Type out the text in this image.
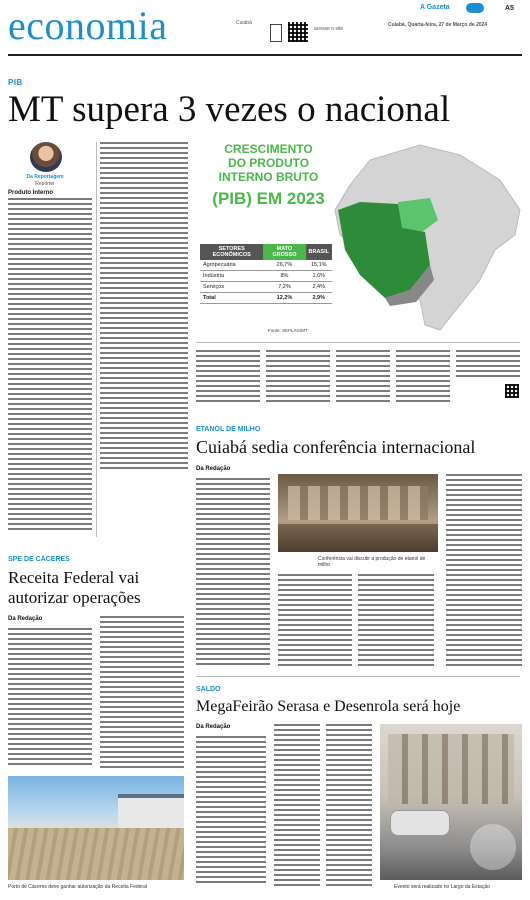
economia	Cuiabá
acesse o site
A Gazeta	A5
Cuiabá, Quarta-feira, 27 de Março de 2024
PIB
MT supera 3 vezes o nacional
Da Reportagem
Repórter
Produto Interno
CRESCIMENTO
DO PRODUTO
INTERNO BRUTO
(PIB) EM 2023
SETORES ECONÔMICOS	MATO GROSSO	BRASIL
Agropecuária	26,7%	15,1%
Indústria	8%	1,6%
Serviços	7,2%	2,4%
Total	12,2%	2,9%
Fonte: SEPLAG/MT
ETANOL DE MILHO
Cuiabá sedia conferência internacional
Da Redação
Conferência vai discutir a produção de etanol de milho
SPE DE CÁCERES
Receita Federal vai
autorizar operações
Da Redação
Porto de Cáceres deve ganhar autorização da Receita Federal
SALDO
MegaFeirão Serasa e Desenrola será hoje
Da Redação
Evento será realizado no Largo da Estação
